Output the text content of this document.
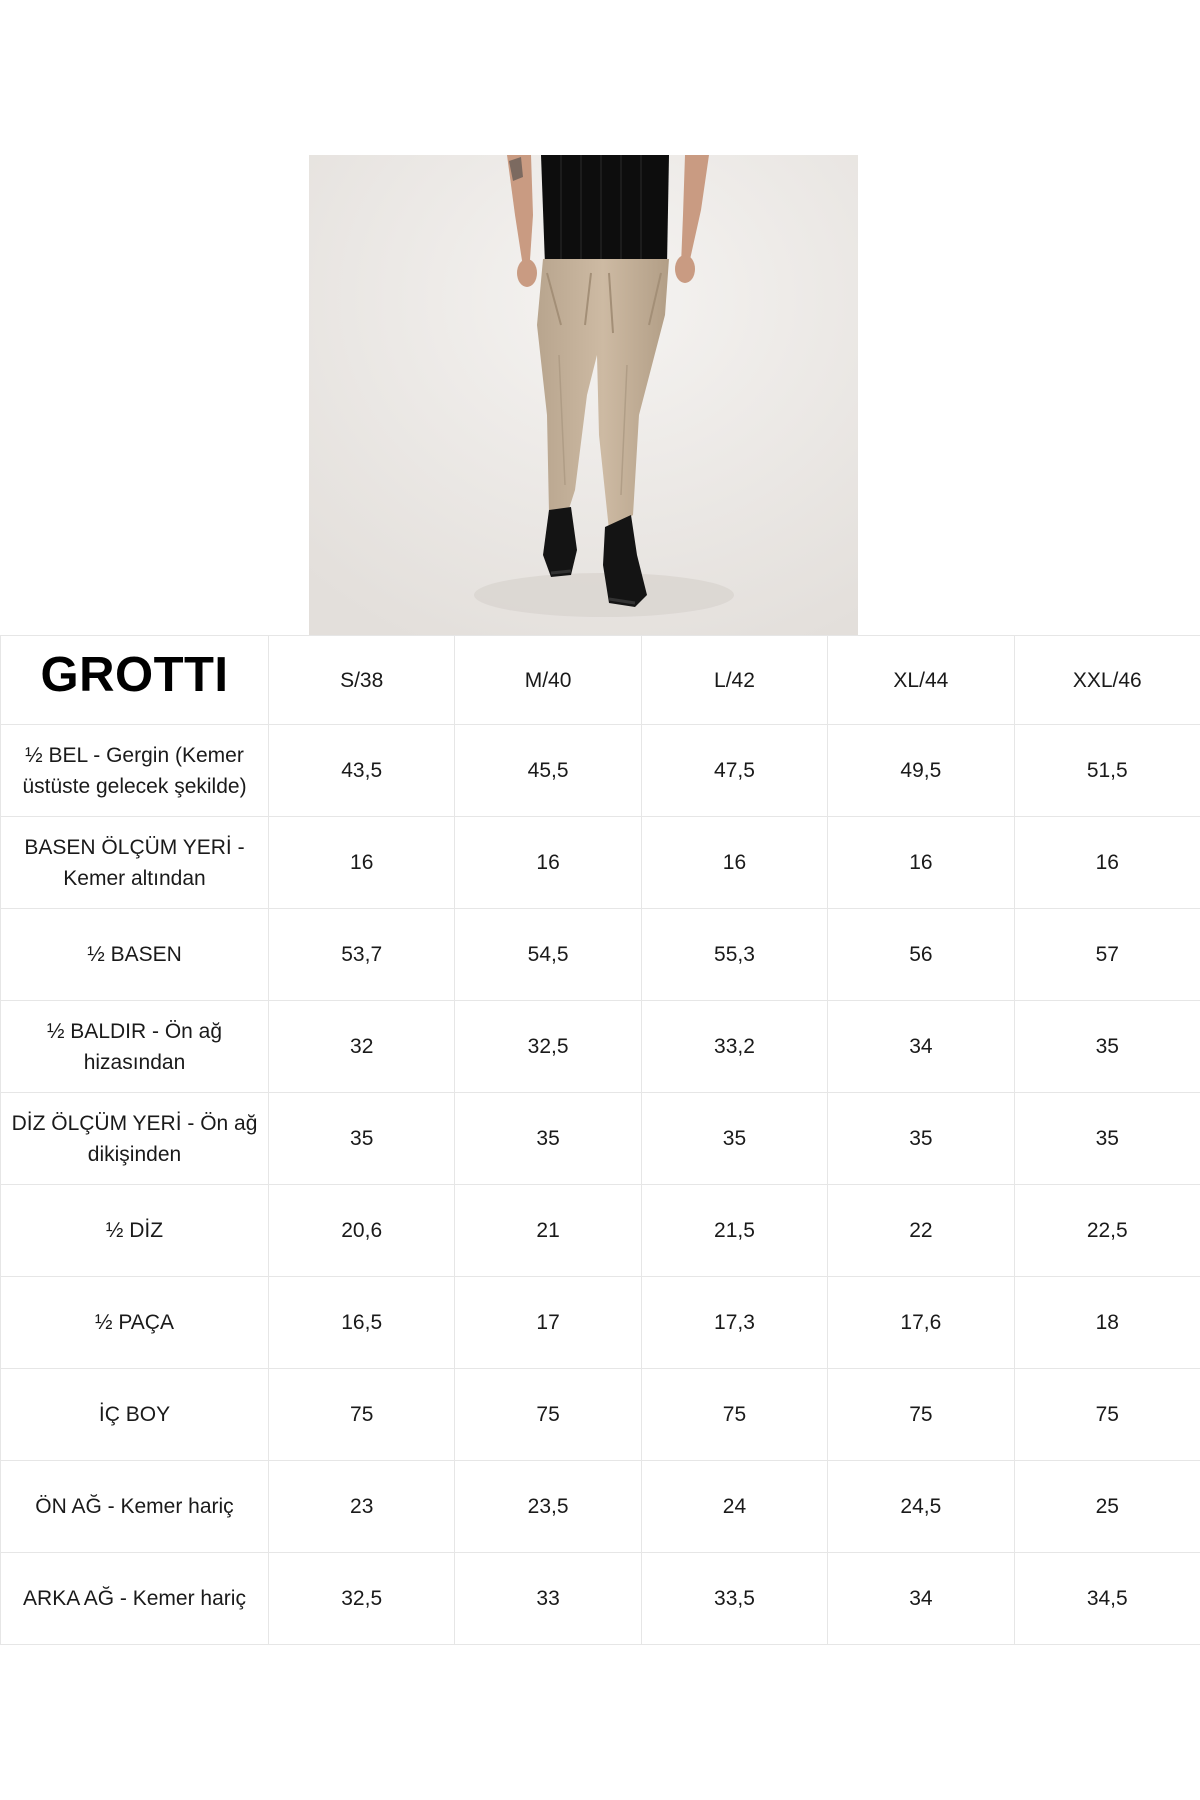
GROTTI	S/38	M/40	L/42	XL/44	XXL/46
½ BEL - Gergin (Kemer üstüste gelecek şekilde)	43,5	45,5	47,5	49,5	51,5
BASEN ÖLÇÜM YERİ - Kemer altından	16	16	16	16	16
½ BASEN	53,7	54,5	55,3	56	57
½ BALDIR - Ön ağ hizasından	32	32,5	33,2	34	35
DİZ ÖLÇÜM YERİ - Ön ağ dikişinden	35	35	35	35	35
½ DİZ	20,6	21	21,5	22	22,5
½ PAÇA	16,5	17	17,3	17,6	18
İÇ BOY	75	75	75	75	75
ÖN AĞ - Kemer hariç	23	23,5	24	24,5	25
ARKA AĞ - Kemer hariç	32,5	33	33,5	34	34,5
